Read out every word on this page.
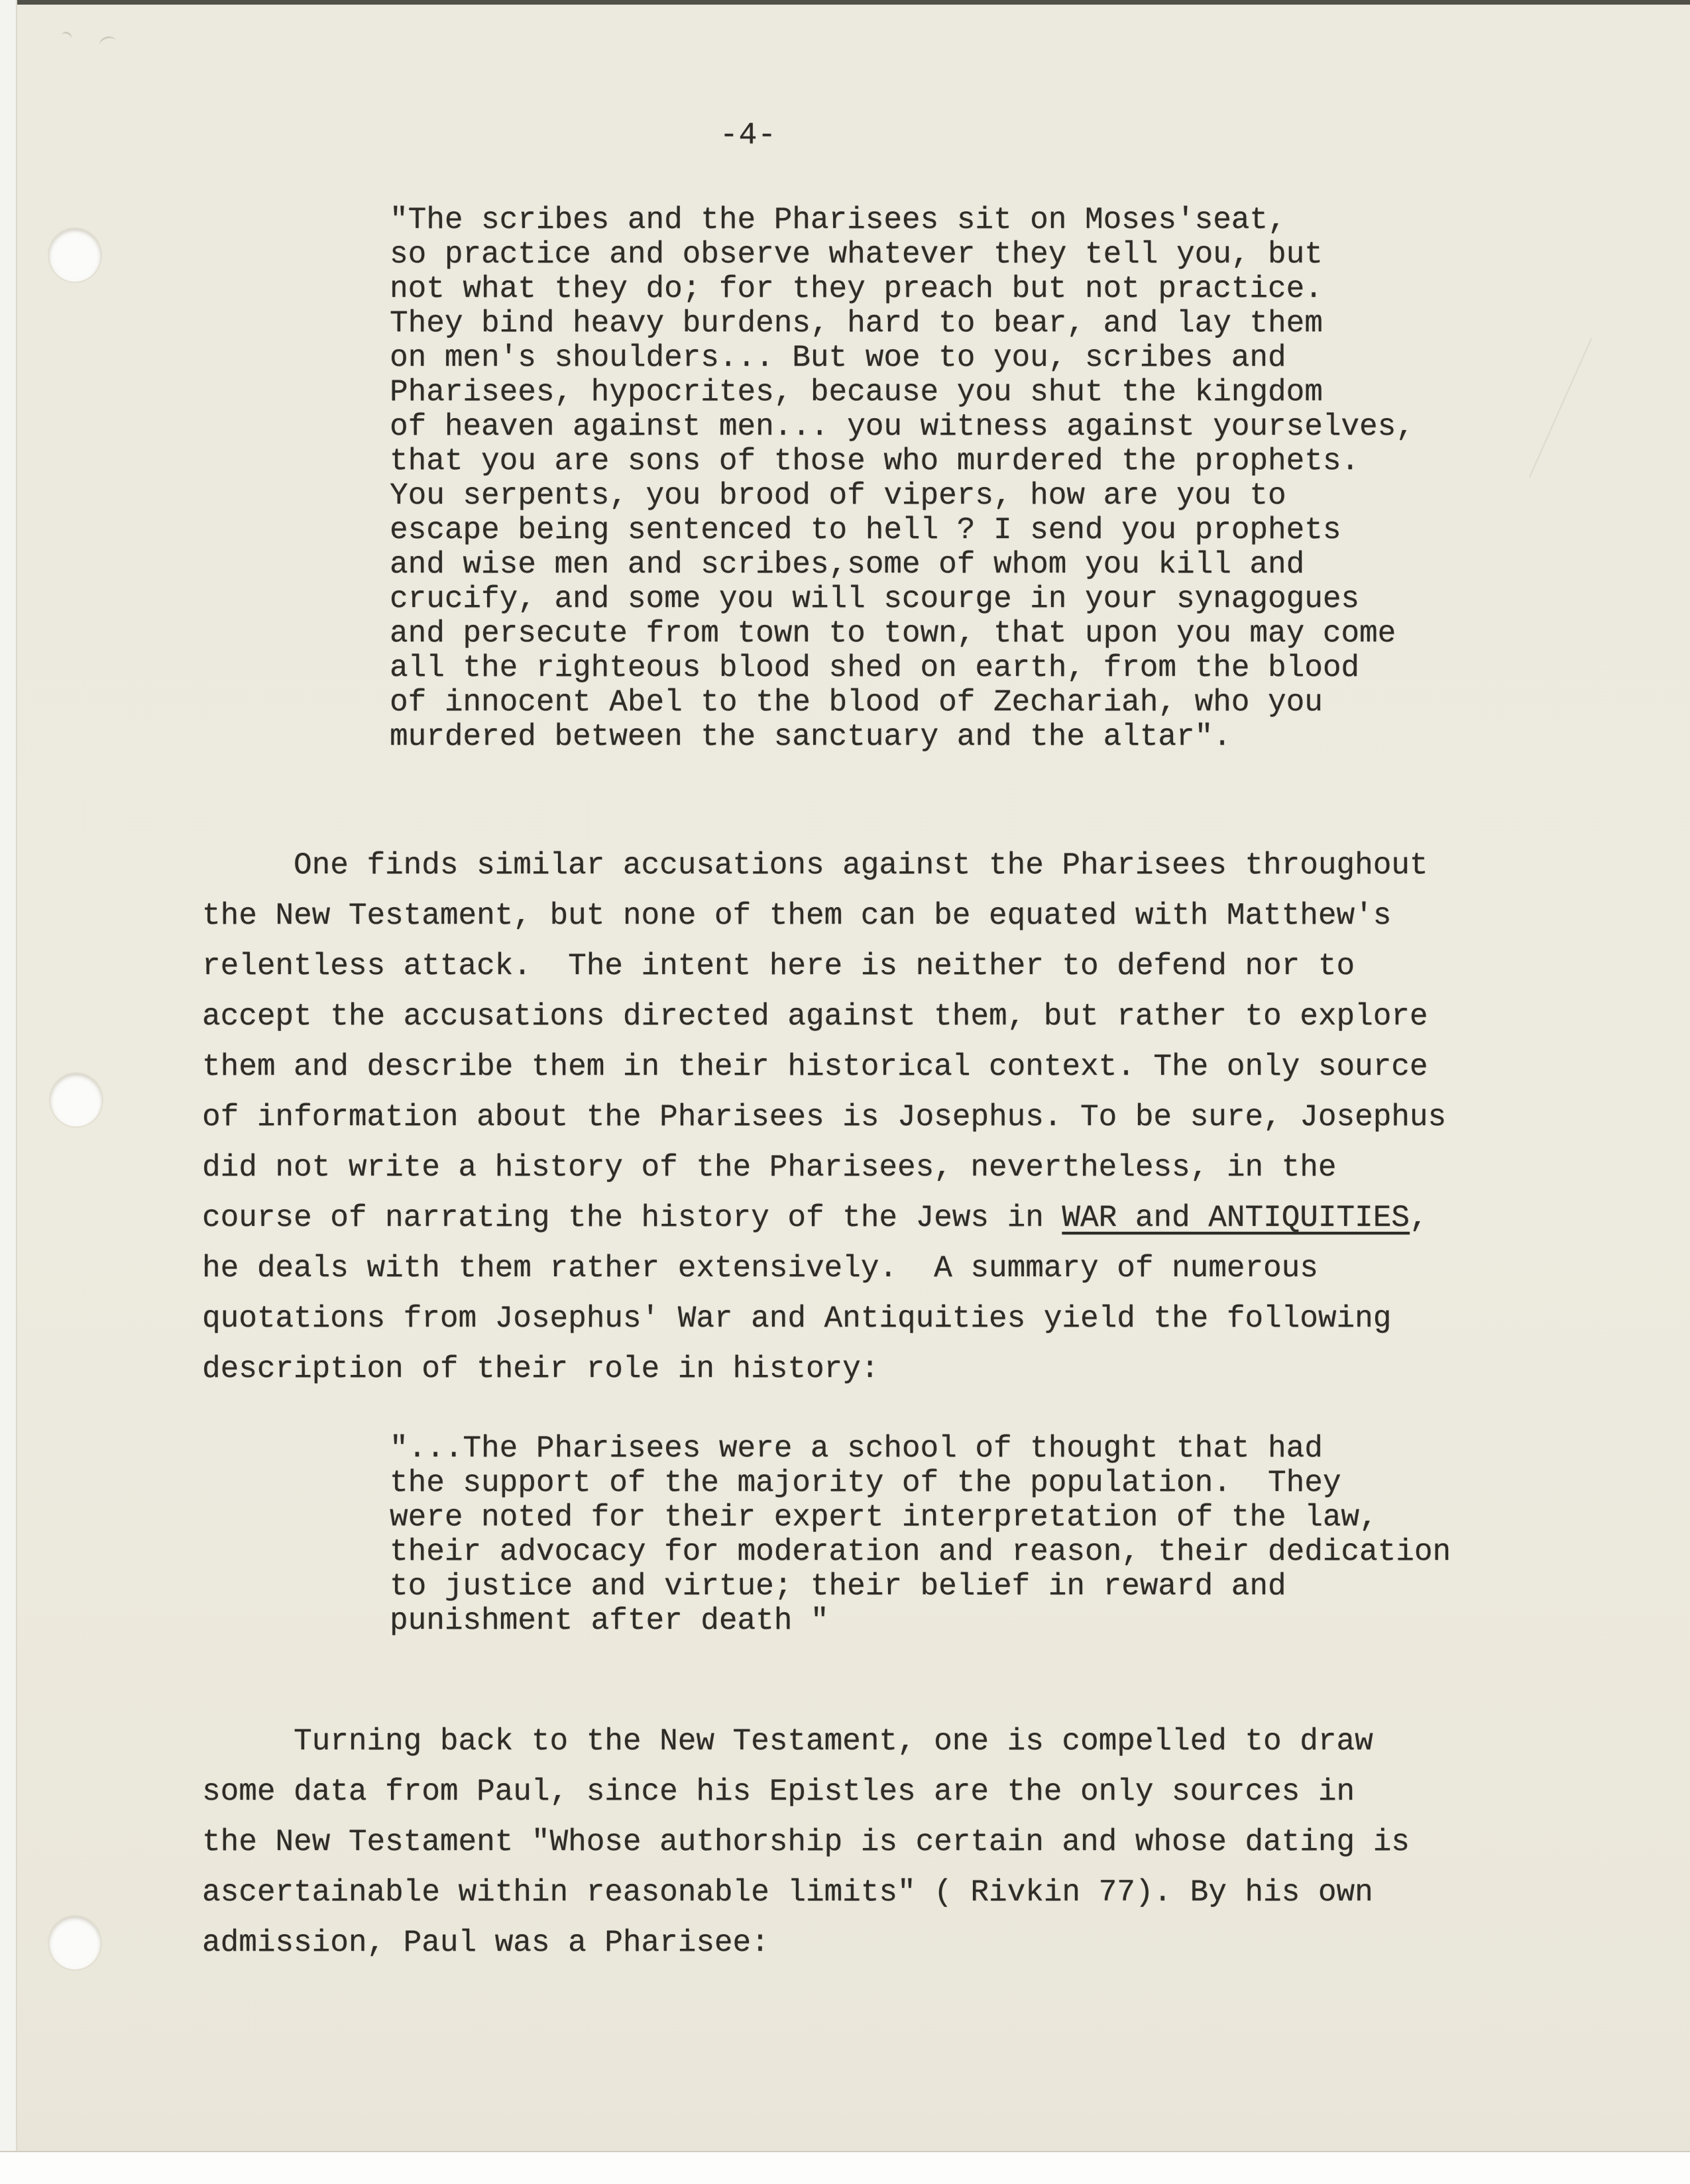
-4-
"The scribes and the Pharisees sit on Moses'seat,
so practice and observe whatever they tell you, but
not what they do; for they preach but not practice.
They bind heavy burdens, hard to bear, and lay them
on men's shoulders... But woe to you, scribes and
Pharisees, hypocrites, because you shut the kingdom
of heaven against men... you witness against yourselves,
that you are sons of those who murdered the prophets.
You serpents, you brood of vipers, how are you to
escape being sentenced to hell ? I send you prophets
and wise men and scribes,some of whom you kill and
crucify, and some you will scourge in your synagogues
and persecute from town to town, that upon you may come
all the righteous blood shed on earth, from the blood
of innocent Abel to the blood of Zechariah, who you
murdered between the sanctuary and the altar".
One finds similar accusations against the Pharisees throughout
the New Testament, but none of them can be equated with Matthew's
relentless attack.  The intent here is neither to defend nor to
accept the accusations directed against them, but rather to explore
them and describe them in their historical context. The only source
of information about the Pharisees is Josephus. To be sure, Josephus
did not write a history of the Pharisees, nevertheless, in the
course of narrating the history of the Jews in WAR and ANTIQUITIES,
he deals with them rather extensively.  A summary of numerous
quotations from Josephus' War and Antiquities yield the following
description of their role in history:
"...The Pharisees were a school of thought that had
the support of the majority of the population.  They
were noted for their expert interpretation of the law,
their advocacy for moderation and reason, their dedication
to justice and virtue; their belief in reward and
punishment after death "
Turning back to the New Testament, one is compelled to draw
some data from Paul, since his Epistles are the only sources in
the New Testament "Whose authorship is certain and whose dating is
ascertainable within reasonable limits" ( Rivkin 77). By his own
admission, Paul was a Pharisee:
